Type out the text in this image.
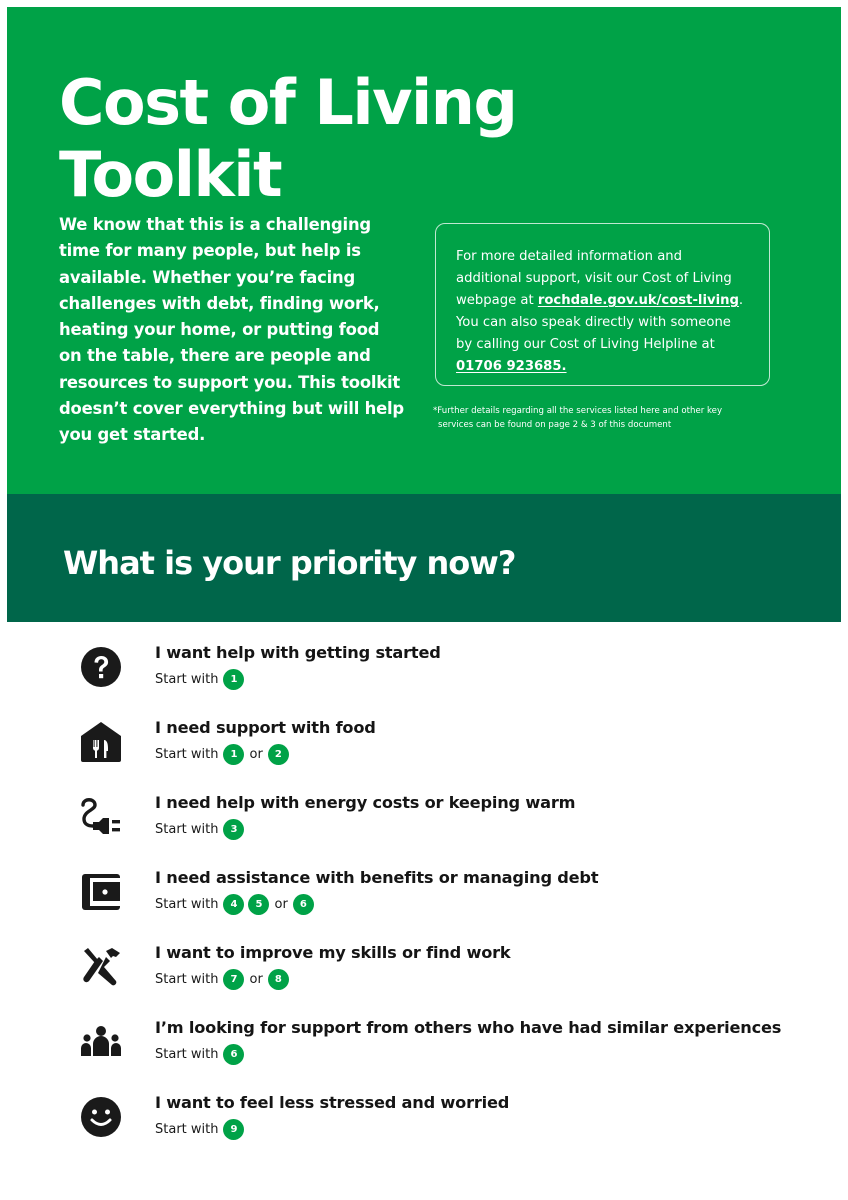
Cost of Living
Toolkit

We know that this is a challenging time for many people, but help is available. Whether you’re facing challenges with debt, finding work, heating your home, or putting food on the table, there are people and resources to support you. This toolkit doesn’t cover everything but will help you get started.

For more detailed information and additional support, visit our Cost of Living webpage at rochdale.gov.uk/cost-living. You can also speak directly with someone by calling our Cost of Living Helpline at 01706 923685.

*Further details regarding all the services listed here and other key
services can be found on page 2 & 3 of this document

What is your priority now?
I want help with getting started
Start with	1
I need support with food
Start with	1 or	2
I need help with energy costs or keeping warm
Start with	3
I need assistance with benefits or managing debt
Start with	4	5 or	6
I want to improve my skills or find work
Start with	7 or	8
I’m looking for support from others who have had similar experiences
Start with	6
I want to feel less stressed and worried
Start with	9
